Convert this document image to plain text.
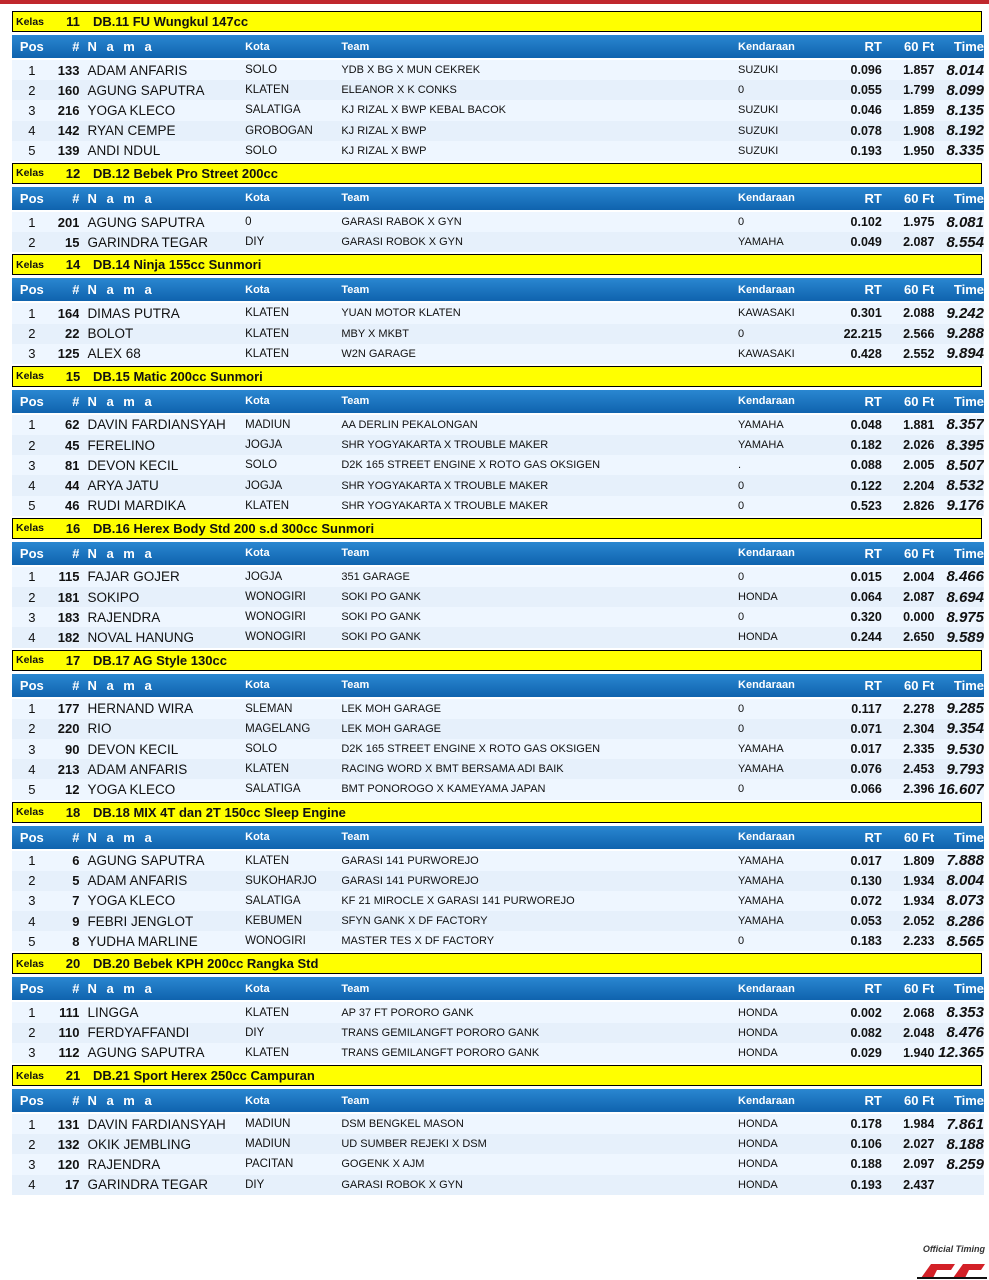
Kelas	11	DB.11 FU Wungkul 147cc
Pos	# N a m a	Kota	Team	Kendaraan	RT	60 Ft	Time
1	133 ADAM ANFARIS	SOLO	YDB X BG X MUN CEKREK	SUZUKI	0.096	1.857 8.014
2	160 AGUNG SAPUTRA	KLATEN	ELEANOR X K CONKS	0	0.055	1.799 8.099
3	216 YOGA KLECO	SALATIGA	KJ RIZAL X BWP KEBAL BACOK	SUZUKI	0.046	1.859 8.135
4	142 RYAN CEMPE	GROBOGAN	KJ RIZAL X BWP	SUZUKI	0.078	1.908 8.192
5	139 ANDI NDUL	SOLO	KJ RIZAL X BWP	SUZUKI	0.193	1.950 8.335
Kelas	12 DB.12 Bebek Pro Street 200cc
Pos	# N a m a	Kota	Team	Kendaraan	RT	60 Ft	Time
1	201 AGUNG SAPUTRA	0	GARASI RABOK X GYN	0	0.102	1.975 8.081
2	15 GARINDRA TEGAR	DIY	GARASI ROBOK X GYN	YAMAHA	0.049	2.087 8.554
Kelas	14 DB.14 Ninja 155cc Sunmori
Pos	# N a m a	Kota	Team	Kendaraan	RT	60 Ft	Time
1	164 DIMAS PUTRA	KLATEN	YUAN MOTOR KLATEN	KAWASAKI	0.301	2.088 9.242
2	22 BOLOT	KLATEN	MBY X MKBT	0	22.215	2.566 9.288
3	125 ALEX 68	KLATEN	W2N GARAGE	KAWASAKI	0.428	2.552 9.894
Kelas	15 DB.15 Matic 200cc Sunmori
Pos	# N a m a	Kota	Team	Kendaraan	RT	60 Ft	Time
1	62 DAVIN FARDIANSYAH	MADIUN	AA DERLIN PEKALONGAN	YAMAHA	0.048	1.881 8.357
2	45 FERELINO	JOGJA	SHR YOGYAKARTA X TROUBLE MAKER	YAMAHA	0.182	2.026 8.395
3	81 DEVON KECIL	SOLO	D2K 165 STREET ENGINE X ROTO GAS OKSIGEN	.	0.088	2.005 8.507
4	44 ARYA JATU	JOGJA	SHR YOGYAKARTA X TROUBLE MAKER	0	0.122	2.204 8.532
5	46 RUDI MARDIKA	KLATEN	SHR YOGYAKARTA X TROUBLE MAKER	0	0.523	2.826 9.176
Kelas	16 DB.16 Herex Body Std 200 s.d 300cc Sunmori
Pos	# N a m a	Kota	Team	Kendaraan	RT	60 Ft	Time
1	115 FAJAR GOJER	JOGJA	351 GARAGE	0	0.015	2.004 8.466
2	181 SOKIPO	WONOGIRI	SOKI PO GANK	HONDA	0.064	2.087 8.694
3	183 RAJENDRA	WONOGIRI	SOKI PO GANK	0	0.320	0.000 8.975
4	182 NOVAL HANUNG	WONOGIRI	SOKI PO GANK	HONDA	0.244	2.650 9.589
Kelas	17 DB.17 AG Style 130cc
Pos	# N a m a	Kota	Team	Kendaraan	RT	60 Ft	Time
1	177 HERNAND WIRA	SLEMAN	LEK MOH GARAGE	0	0.117	2.278 9.285
2	220 RIO	MAGELANG	LEK MOH GARAGE	0	0.071	2.304 9.354
3	90 DEVON KECIL	SOLO	D2K 165 STREET ENGINE X ROTO GAS OKSIGEN	YAMAHA	0.017	2.335 9.530
4	213 ADAM ANFARIS	KLATEN	RACING WORD X BMT BERSAMA ADI BAIK	YAMAHA	0.076	2.453 9.793
5	12 YOGA KLECO	SALATIGA	BMT PONOROGO X KAMEYAMA JAPAN	0	0.066	2.396 16.607
Kelas	18 DB.18 MIX 4T dan 2T 150cc Sleep Engine
Pos	# N a m a	Kota	Team	Kendaraan	RT	60 Ft	Time
1	6 AGUNG SAPUTRA	KLATEN	GARASI 141 PURWOREJO	YAMAHA	0.017	1.809 7.888
2	5 ADAM ANFARIS	SUKOHARJO	GARASI 141 PURWOREJO	YAMAHA	0.130	1.934 8.004
3	7 YOGA KLECO	SALATIGA	KF 21 MIROCLE X GARASI 141 PURWOREJO	YAMAHA	0.072	1.934 8.073
4	9 FEBRI JENGLOT	KEBUMEN	SFYN GANK X DF FACTORY	YAMAHA	0.053	2.052 8.286
5	8 YUDHA MARLINE	WONOGIRI	MASTER TES X DF FACTORY	0	0.183	2.233 8.565
Kelas	20 DB.20 Bebek KPH 200cc Rangka Std
Pos	# N a m a	Kota	Team	Kendaraan	RT	60 Ft	Time
1	111 LINGGA	KLATEN	AP 37 FT PORORO GANK	HONDA	0.002	2.068 8.353
2	110 FERDYAFFANDI	DIY	TRANS GEMILANGFT PORORO GANK	HONDA	0.082	2.048 8.476
3	112 AGUNG SAPUTRA	KLATEN	TRANS GEMILANGFT PORORO GANK	HONDA	0.029	1.940 12.365
Kelas	21 DB.21 Sport Herex 250cc Campuran
Pos	# N a m a	Kota	Team	Kendaraan	RT	60 Ft	Time
1	131 DAVIN FARDIANSYAH	MADIUN	DSM BENGKEL MASON	HONDA	0.178	1.984 7.861
2	132 OKIK JEMBLING	MADIUN	UD SUMBER REJEKI X DSM	HONDA	0.106	2.027 8.188
3	120 RAJENDRA	PACITAN	GOGENK X AJM	HONDA	0.188	2.097 8.259
4	17 GARINDRA TEGAR	DIY	GARASI ROBOK X GYN	HONDA	0.193	2.437
Official Timing
